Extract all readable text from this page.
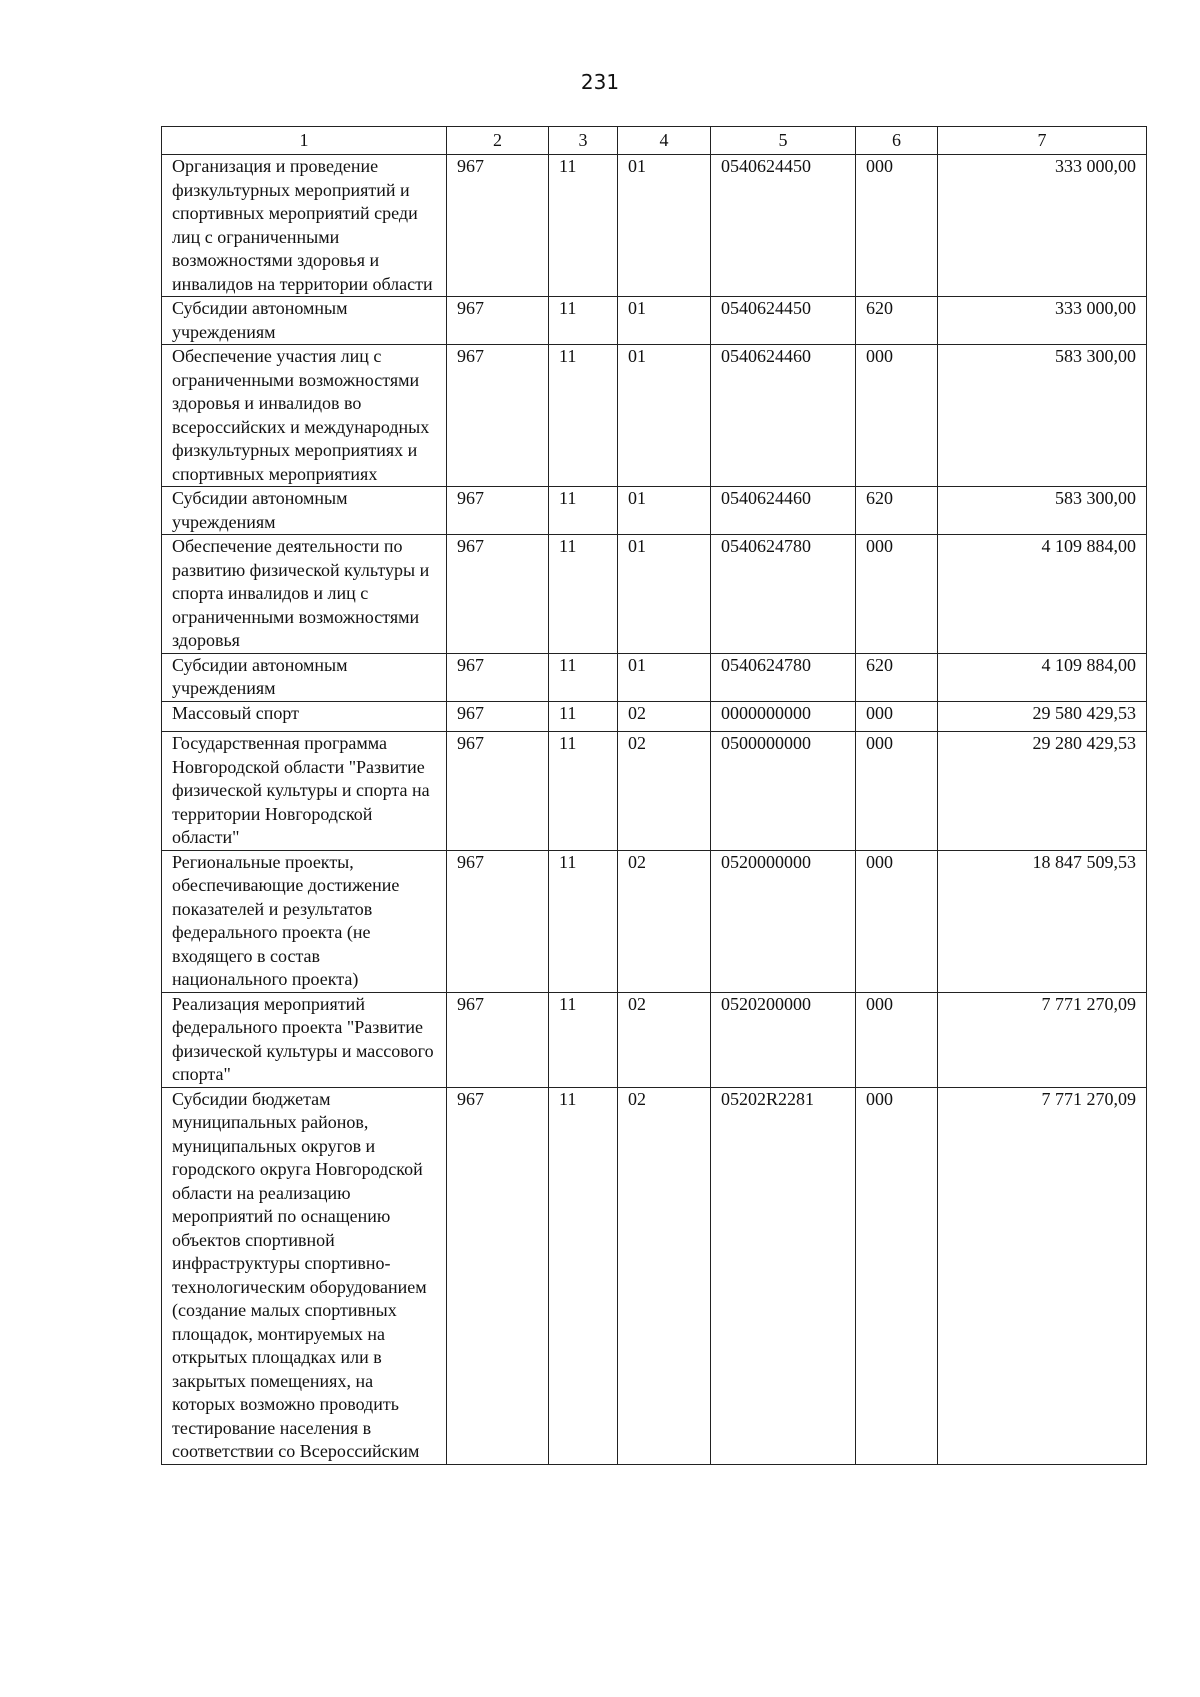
231
1	2	3	4	5	6	7
Организация и проведение физкультурных мероприятий и спортивных мероприятий среди лиц с ограниченными возможностями здоровья и инвалидов на территории области	967	11	01	0540624450	000	333 000,00
Субсидии автономным учреждениям	967	11	01	0540624450	620	333 000,00
Обеспечение участия лиц с ограниченными возможностями здоровья и инвалидов во всероссийских и международных физкультурных мероприятиях и спортивных мероприятиях	967	11	01	0540624460	000	583 300,00
Субсидии автономным учреждениям	967	11	01	0540624460	620	583 300,00
Обеспечение деятельности по развитию физической культуры и спорта инвалидов и лиц с ограниченными возможностями здоровья	967	11	01	0540624780	000	4 109 884,00
Субсидии автономным учреждениям	967	11	01	0540624780	620	4 109 884,00
Массовый спорт	967	11	02	0000000000	000	29 580 429,53
Государственная программа Новгородской области "Развитие физической культуры и спорта на территории Новгородской области"	967	11	02	0500000000	000	29 280 429,53
Региональные проекты, обеспечивающие достижение показателей и результатов федерального проекта (не входящего в состав национального проекта)	967	11	02	0520000000	000	18 847 509,53
Реализация мероприятий федерального проекта "Развитие физической культуры и массового спорта"	967	11	02	0520200000	000	7 771 270,09
Субсидии бюджетам муниципальных районов, муниципальных округов и городского округа Новгородской области на реализацию мероприятий по оснащению объектов спортивной инфраструктуры спортивно-технологическим оборудованием (создание малых спортивных площадок, монтируемых на открытых площадках или в закрытых помещениях, на которых возможно проводить тестирование населения в соответствии со Всероссийским	967	11	02	05202R2281	000	7 771 270,09
